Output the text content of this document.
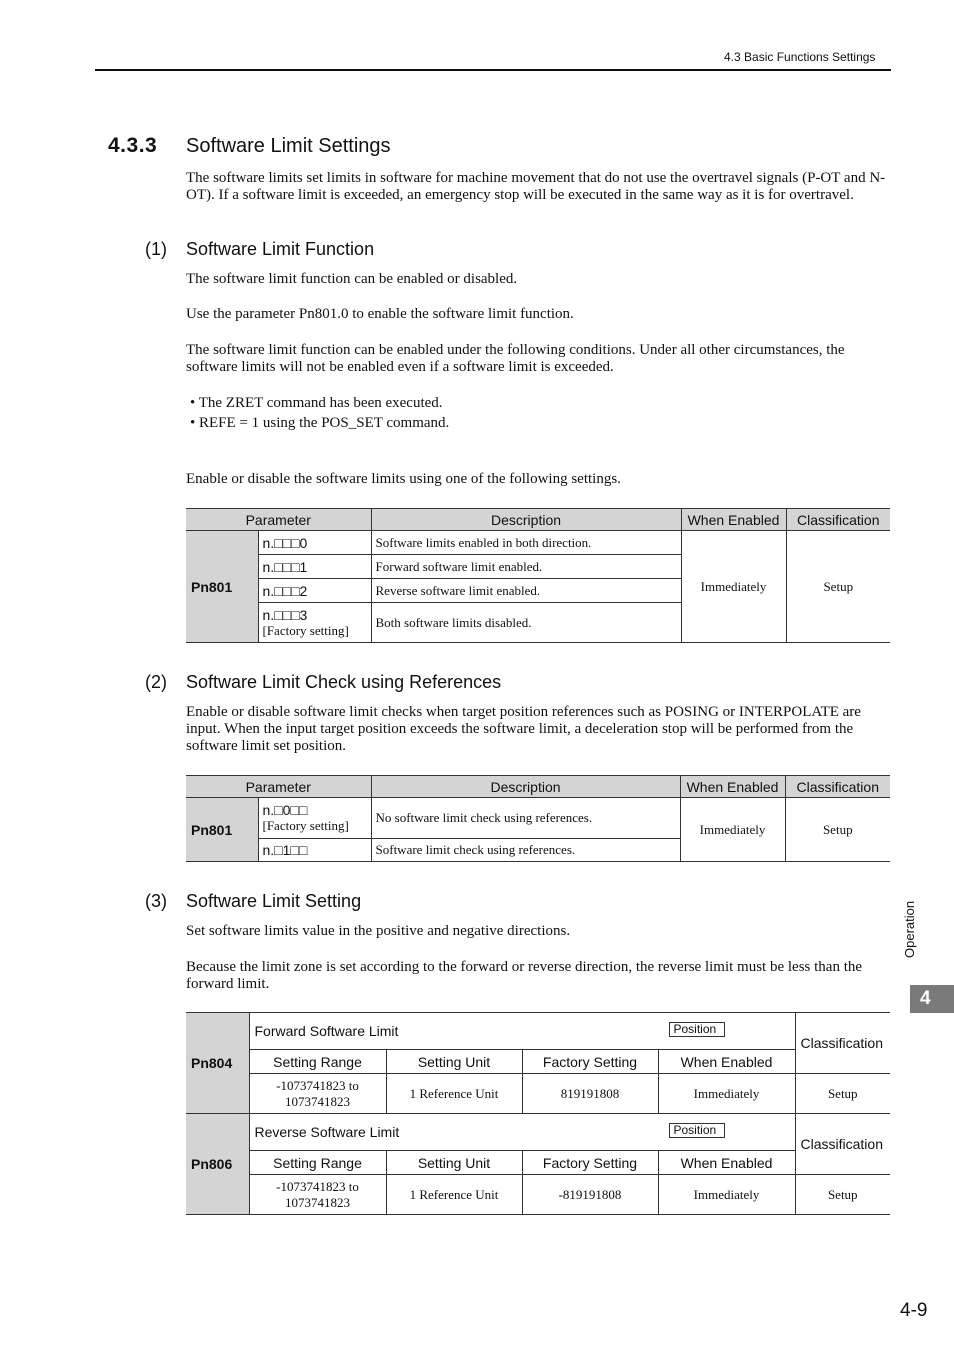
4.3 Basic Functions Settings
4.3.3 Software Limit Settings
The software limits set limits in software for machine movement that do not use the overtravel signals (P-OT and N-OT). If a software limit is exceeded, an emergency stop will be executed in the same way as it is for overtravel.
(1) Software Limit Function
The software limit function can be enabled or disabled.
Use the parameter Pn801.0 to enable the software limit function.
The software limit function can be enabled under the following conditions. Under all other circumstances, the software limits will not be enabled even if a software limit is exceeded.
• The ZRET command has been executed.
• REFE = 1 using the POS_SET command.
Enable or disable the software limits using one of the following settings.
Parameter		Description	When Enabled	Classification
Pn801	n.□□□0	Software limits enabled in both direction.	Immediately	Setup

	n.□□□1	Forward software limit enabled.		

	n.□□□2	Reverse software limit enabled.		

	n.□□□3
[Factory setting]	Both software limits disabled.		
(2) Software Limit Check using References
Enable or disable software limit checks when target position references such as POSING or INTERPOLATE are input. When the input target position exceeds the software limit, a deceleration stop will be performed from the software limit set position.
Parameter		Description	When Enabled	Classification
Pn801	n.□0□□
[Factory setting]	No software limit check using references.	Immediately	Setup

	n.□1□□	Software limit check using references.		
(3) Software Limit Setting
Set software limits value in the positive and negative directions.
Because the limit zone is set according to the forward or reverse direction, the reverse limit must be less than the forward limit.
Pn804	Forward Software Limit Position				Classification
	Setting Range	Setting Unit	Factory Setting	When Enabled	

	-1073741823 to
1073741823	1 Reference Unit	819191808	Immediately	Setup
Pn806	Reverse Software Limit Position				Classification
	Setting Range	Setting Unit	Factory Setting	When Enabled	

	-1073741823 to
1073741823	1 Reference Unit	-819191808	Immediately	Setup
Operation
4
4-9
